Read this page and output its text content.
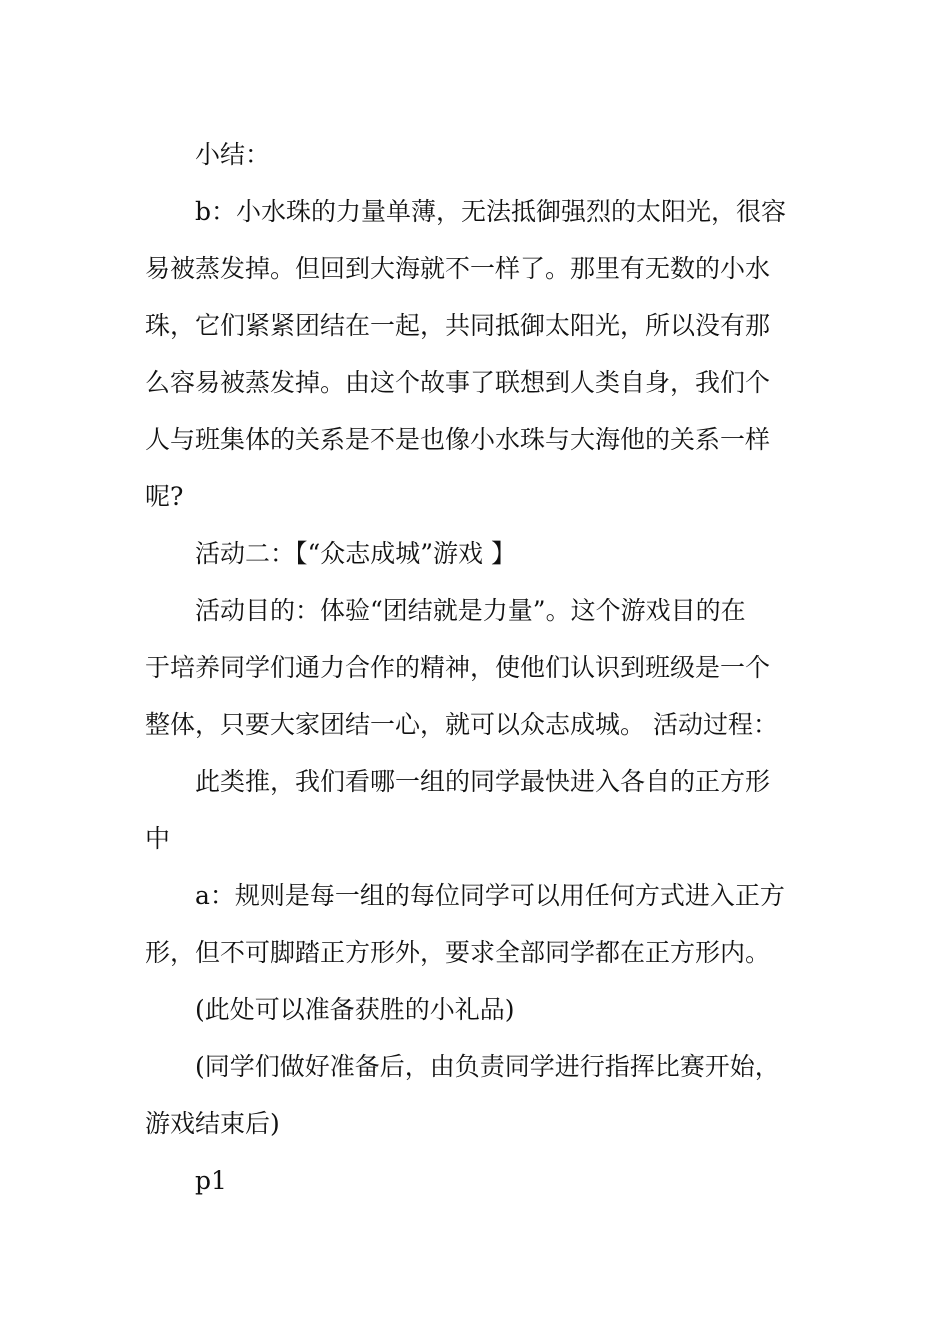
小结：
b：小水珠的力量单薄，无法抵御强烈的太阳光，很容
易被蒸发掉。但回到大海就不一样了。那里有无数的小水
珠，它们紧紧团结在一起，共同抵御太阳光，所以没有那
么容易被蒸发掉。由这个故事了联想到人类自身，我们个
人与班集体的关系是不是也像小水珠与大海他的关系一样
呢?
活动二：【“众志成城”游戏 】
活动目的：体验“团结就是力量”。这个游戏目的在
于培养同学们通力合作的精神，使他们认识到班级是一个
整体，只要大家团结一心，就可以众志成城。 活动过程：
此类推，我们看哪一组的同学最快进入各自的正方形
中
a：规则是每一组的每位同学可以用任何方式进入正方
形，但不可脚踏正方形外，要求全部同学都在正方形内。
(此处可以准备获胜的小礼品)
(同学们做好准备后，由负责同学进行指挥比赛开始，
游戏结束后)
p1
